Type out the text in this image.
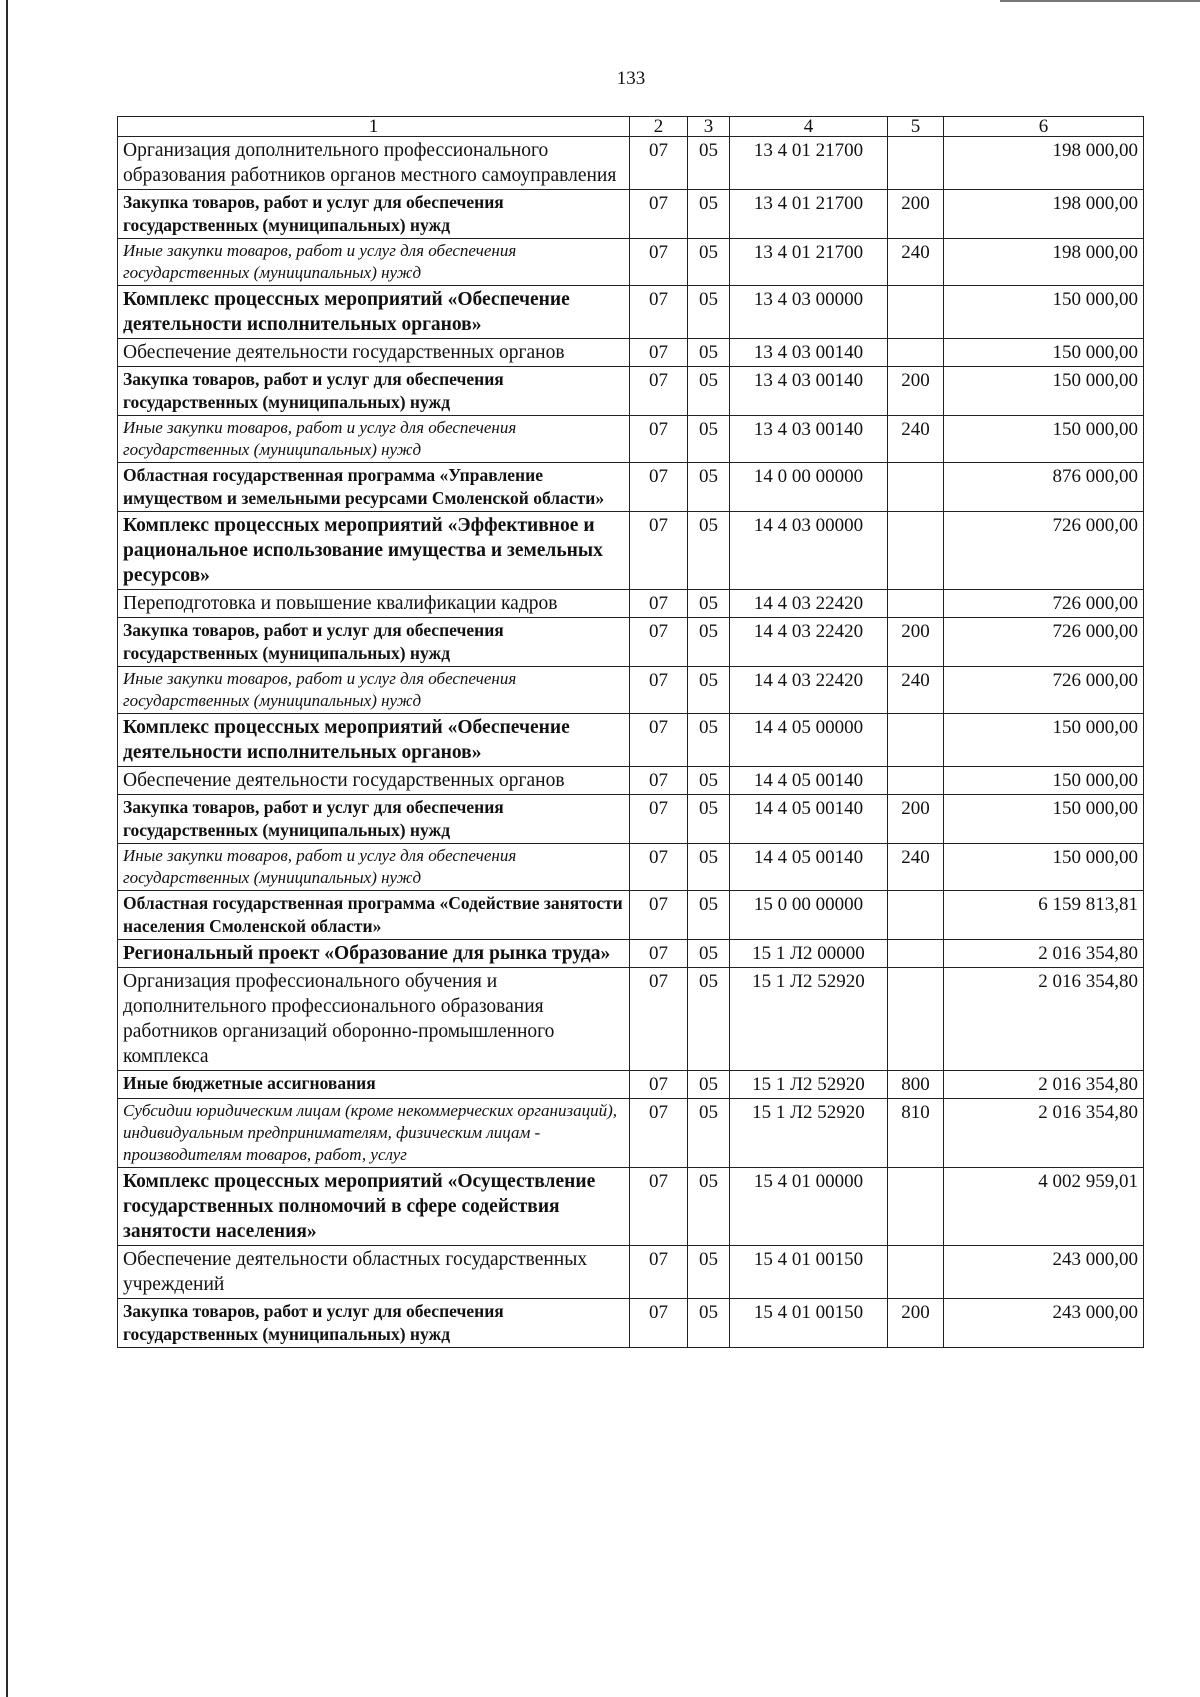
133
1	2	3	4	5	6
Организация дополнительного профессионального образования работников органов местного самоуправления	07	05	13 4 01 21700		198 000,00
Закупка товаров, работ и услуг для обеспечения государственных (муниципальных) нужд	07	05	13 4 01 21700	200	198 000,00
Иные закупки товаров, работ и услуг для обеспечения государственных (муниципальных) нужд	07	05	13 4 01 21700	240	198 000,00
Комплекс процессных мероприятий «Обеспечение деятельности исполнительных органов»	07	05	13 4 03 00000		150 000,00
Обеспечение деятельности государственных органов	07	05	13 4 03 00140		150 000,00
Закупка товаров, работ и услуг для обеспечения государственных (муниципальных) нужд	07	05	13 4 03 00140	200	150 000,00
Иные закупки товаров, работ и услуг для обеспечения государственных (муниципальных) нужд	07	05	13 4 03 00140	240	150 000,00
Областная государственная программа «Управление имуществом и земельными ресурсами Смоленской области»	07	05	14 0 00 00000		876 000,00
Комплекс процессных мероприятий «Эффективное и рациональное использование имущества и земельных ресурсов»	07	05	14 4 03 00000		726 000,00
Переподготовка и повышение квалификации кадров	07	05	14 4 03 22420		726 000,00
Закупка товаров, работ и услуг для обеспечения государственных (муниципальных) нужд	07	05	14 4 03 22420	200	726 000,00
Иные закупки товаров, работ и услуг для обеспечения государственных (муниципальных) нужд	07	05	14 4 03 22420	240	726 000,00
Комплекс процессных мероприятий «Обеспечение деятельности исполнительных органов»	07	05	14 4 05 00000		150 000,00
Обеспечение деятельности государственных органов	07	05	14 4 05 00140		150 000,00
Закупка товаров, работ и услуг для обеспечения государственных (муниципальных) нужд	07	05	14 4 05 00140	200	150 000,00
Иные закупки товаров, работ и услуг для обеспечения государственных (муниципальных) нужд	07	05	14 4 05 00140	240	150 000,00
Областная государственная программа «Содействие занятости населения Смоленской области»	07	05	15 0 00 00000		6 159 813,81
Региональный проект «Образование для рынка труда»	07	05	15 1 Л2 00000		2 016 354,80
Организация профессионального обучения и дополнительного профессионального образования работников организаций оборонно-промышленного комплекса	07	05	15 1 Л2 52920		2 016 354,80
Иные бюджетные ассигнования	07	05	15 1 Л2 52920	800	2 016 354,80
Субсидии юридическим лицам (кроме некоммерческих организаций), индивидуальным предпринимателям, физическим лицам - производителям товаров, работ, услуг	07	05	15 1 Л2 52920	810	2 016 354,80
Комплекс процессных мероприятий «Осуществление государственных полномочий в сфере содействия занятости населения»	07	05	15 4 01 00000		4 002 959,01
Обеспечение деятельности областных государственных учреждений	07	05	15 4 01 00150		243 000,00
Закупка товаров, работ и услуг для обеспечения государственных (муниципальных) нужд	07	05	15 4 01 00150	200	243 000,00
